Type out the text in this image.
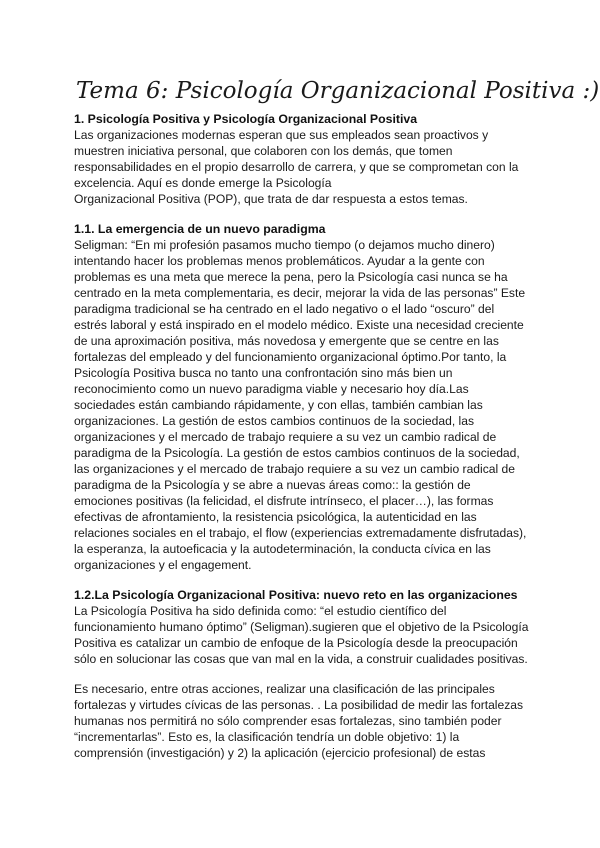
Tema 6: Psicología Organizacional Positiva :)
1. Psicología Positiva y Psicología Organizacional Positiva
Las organizaciones modernas esperan que sus empleados sean proactivos y
muestren iniciativa personal, que colaboren con los demás, que tomen
responsabilidades en el propio desarrollo de carrera, y que se comprometan con la
excelencia. Aquí es donde emerge la Psicología
Organizacional Positiva (POP), que trata de dar respuesta a estos temas.
1.1. La emergencia de un nuevo paradigma
Seligman: “En mi profesión pasamos mucho tiempo (o dejamos mucho dinero)
intentando hacer los problemas menos problemáticos. Ayudar a la gente con
problemas es una meta que merece la pena, pero la Psicología casi nunca se ha
centrado en la meta complementaria, es decir, mejorar la vida de las personas” Este
paradigma tradicional se ha centrado en el lado negativo o el lado “oscuro” del
estrés laboral y está inspirado en el modelo médico. Existe una necesidad creciente
de una aproximación positiva, más novedosa y emergente que se centre en las
fortalezas del empleado y del funcionamiento organizacional óptimo.Por tanto, la
Psicología Positiva busca no tanto una confrontación sino más bien un
reconocimiento como un nuevo paradigma viable y necesario hoy día.Las
sociedades están cambiando rápidamente, y con ellas, también cambian las
organizaciones. La gestión de estos cambios continuos de la sociedad, las
organizaciones y el mercado de trabajo requiere a su vez un cambio radical de
paradigma de la Psicología. La gestión de estos cambios continuos de la sociedad,
las organizaciones y el mercado de trabajo requiere a su vez un cambio radical de
paradigma de la Psicología y se abre a nuevas áreas como:: la gestión de
emociones positivas (la felicidad, el disfrute intrínseco, el placer…), las formas
efectivas de afrontamiento, la resistencia psicológica, la autenticidad en las
relaciones sociales en el trabajo, el flow (experiencias extremadamente disfrutadas),
la esperanza, la autoeficacia y la autodeterminación, la conducta cívica en las
organizaciones y el engagement.
1.2.La Psicología Organizacional Positiva: nuevo reto en las organizaciones
La Psicología Positiva ha sido definida como: “el estudio científico del
funcionamiento humano óptimo” (Seligman).sugieren que el objetivo de la Psicología
Positiva es catalizar un cambio de enfoque de la Psicología desde la preocupación
sólo en solucionar las cosas que van mal en la vida, a construir cualidades positivas.
Es necesario, entre otras acciones, realizar una clasificación de las principales
fortalezas y virtudes cívicas de las personas. . La posibilidad de medir las fortalezas
humanas nos permitirá no sólo comprender esas fortalezas, sino también poder
“incrementarlas”. Esto es, la clasificación tendría un doble objetivo: 1) la
comprensión (investigación) y 2) la aplicación (ejercicio profesional) de estas
